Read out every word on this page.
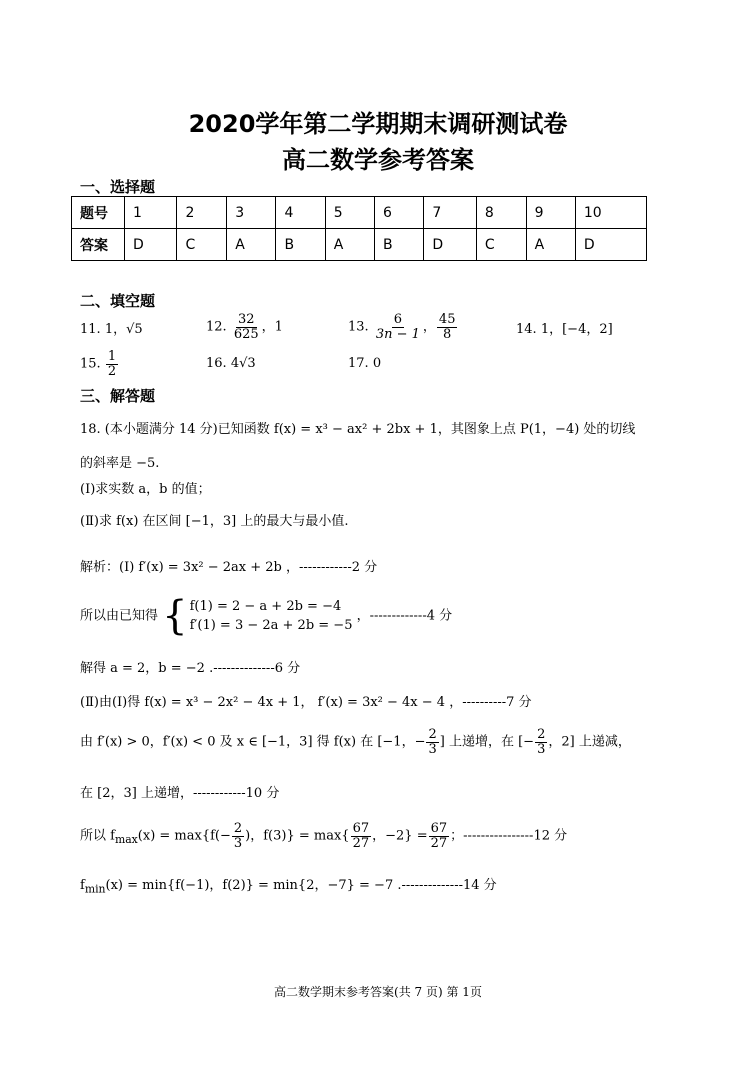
2020学年第二学期期末调研测试卷
高二数学参考答案
一、选择题
题号	1	2	3	4	5	6	7	8	9	10
答案	D	C	A	B	A	B	D	C	A	D
二、填空题
11. 1，√5	12. $\frac{32}{625}$ ，1	13. $\frac{6}{3n - 1}$ ， $\frac{45}{8}$	14. 1，[−4，2]
15. $\frac{1}{2}$	16. 4√3	17. 0
三、解答题
18. (本小题满分 14 分)已知函数 f(x) = x³ − ax² + 2bx + 1，其图象上点 P(1，−4) 处的切线
的斜率是 −5.
(Ⅰ)求实数 a，b 的值；
(Ⅱ)求 f(x) 在区间 [−1，3] 上的最大与最小值.
解析：(Ⅰ) f′(x) = 3x² − 2ax + 2b ，------------2 分
所以由已知得 { f(1) = 2 − a + 2b = −4
f′(1) = 3 − 2a + 2b = −5
，-------------4 分
解得 a = 2，b = −2 .--------------6 分
(Ⅱ)由(Ⅰ)得 f(x) = x³ − 2x² − 4x + 1， f′(x) = 3x² − 4x − 4 ，----------7 分
由 f′(x) > 0，f′(x) < 0 及 x ∈ [−1，3] 得 f(x) 在 [−1，− $\frac{2}{3}$ ] 上递增，在 [− $\frac{2}{3}$ ，2] 上递减，
在 [2，3] 上递增，------------10 分
所以 $f_{max}(x) = \max\{f(- \frac{2}{3}$ )，$f(3)\} = \max\{ \frac{67}{27}$ ，$-2\} = \frac{67}{27}$ ；----------------12 分
$f_{min}(x) = \min\{f(-1)$，f(2)} = min{2，−7} = −7 .--------------14 分
高二数学期末参考答案(共 7 页) 第 1页
